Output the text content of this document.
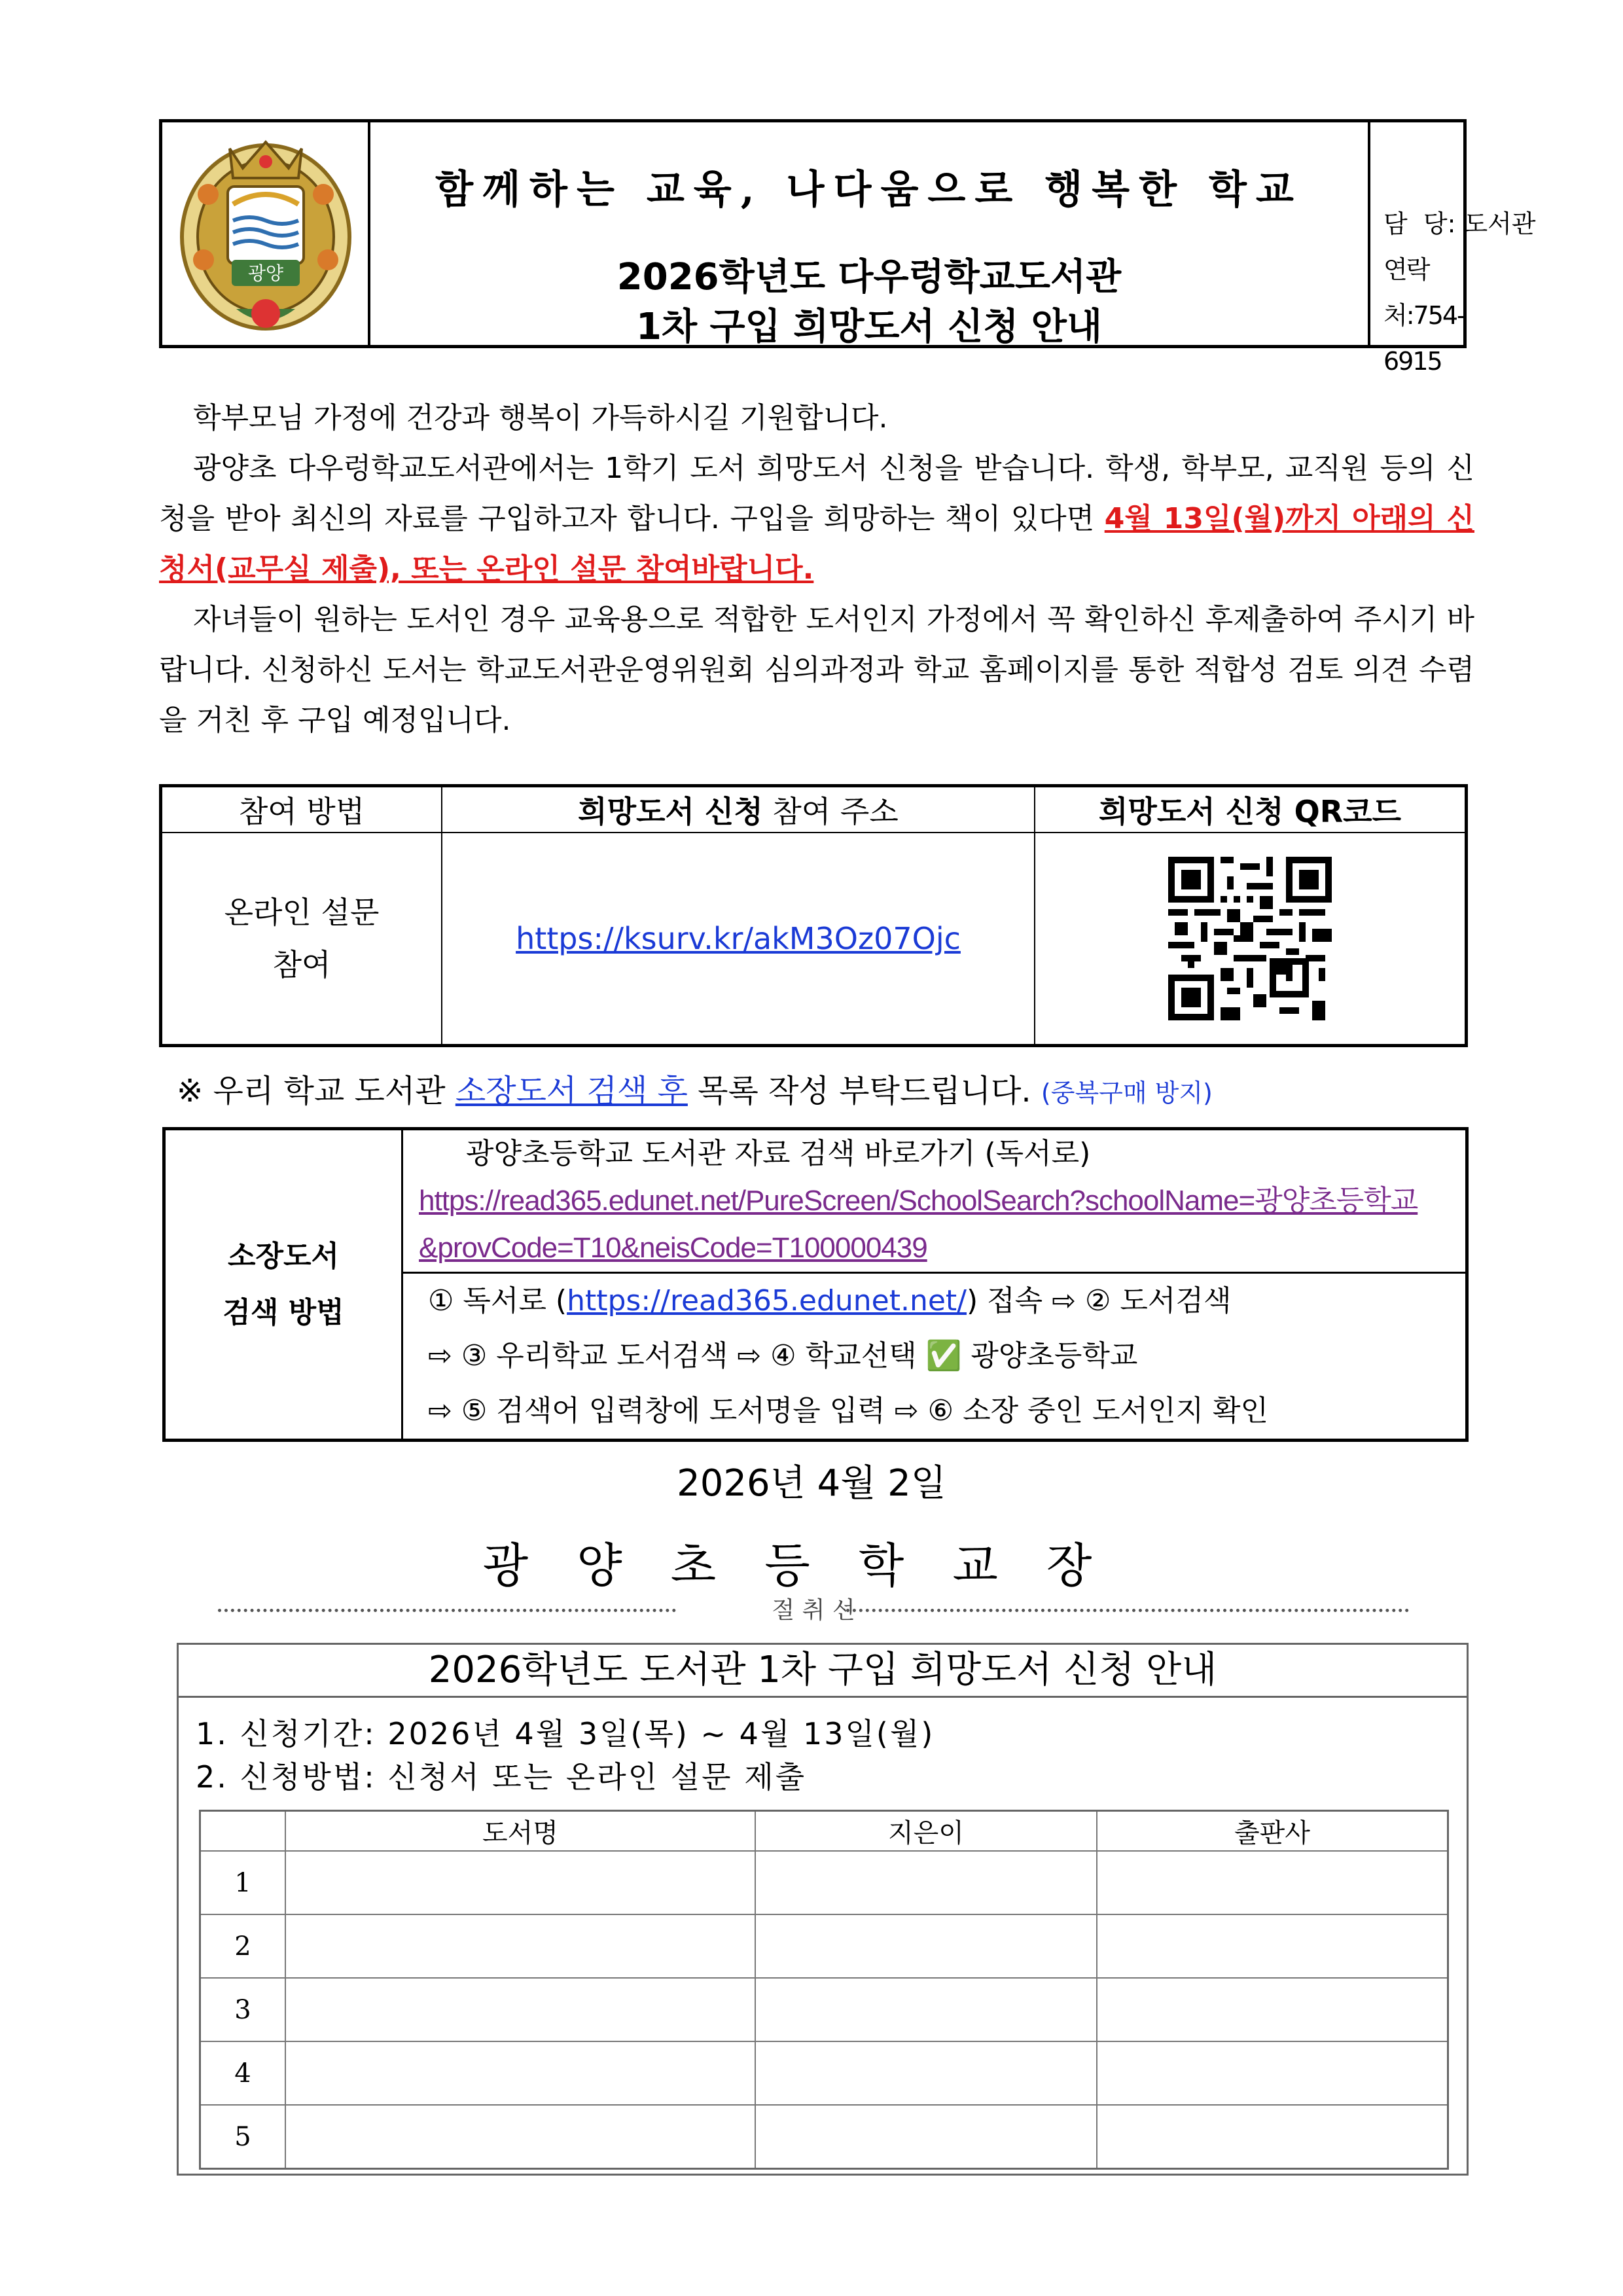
광양
함께하는 교육, 나다움으로 행복한 학교
2026학년도 다우렁학교도서관
1차 구입 희망도서 신청 안내
담  당: 도서관
연락처:754-6915
학부모님 가정에 건강과 행복이 가득하시길 기원합니다.
광양초 다우렁학교도서관에서는 1학기 도서 희망도서 신청을 받습니다. 학생, 학부모, 교직원 등의 신청을 받아 최신의 자료를 구입하고자 합니다. 구입을 희망하는 책이 있다면 4월 13일(월)까지 아래의 신청서(교무실 제출), 또는 온라인 설문 참여바랍니다.
자녀들이 원하는 도서인 경우 교육용으로 적합한 도서인지 가정에서 꼭 확인하신 후제출하여 주시기 바랍니다. 신청하신 도서는 학교도서관운영위원회 심의과정과 학교 홈페이지를 통한 적합성 검토 의견 수렴을 거친 후 구입 예정입니다.
참여 방법	희망도서 신청 참여 주소	희망도서 신청 QR코드

온라인 설문
참여	https://ksurv.kr/akM3Oz07Ojc	
※ 우리 학교 도서관 소장도서 검색 후 목록 작성 부탁드립니다. (중복구매 방지)
소장도서
검색 방법

광양초등학교 도서관 자료 검색 바로가기 (독서로)
https://read365.edunet.net/PureScreen/SchoolSearch?schoolName=광양초등학교
&provCode=T10&neisCode=T100000439

① 독서로 (https://read365.edunet.net/) 접속 ⇨ ② 도서검색
⇨ ③ 우리학교 도서검색 ⇨ ④ 학교선택 ✅ 광양초등학교
⇨ ⑤ 검색어 입력창에 도서명을 입력 ⇨ ⑥ 소장 중인 도서인지 확인
2026년 4월 2일
광양초등학교장
절 취 선
2026학년도 도서관 1차 구입 희망도서 신청 안내
1. 신청기간: 2026년 4월 3일(목) ~ 4월 13일(월)
2. 신청방법: 신청서 또는 온라인 설문 제출
	도서명	지은이	출판사
1			
2			
3			
4			
5			
